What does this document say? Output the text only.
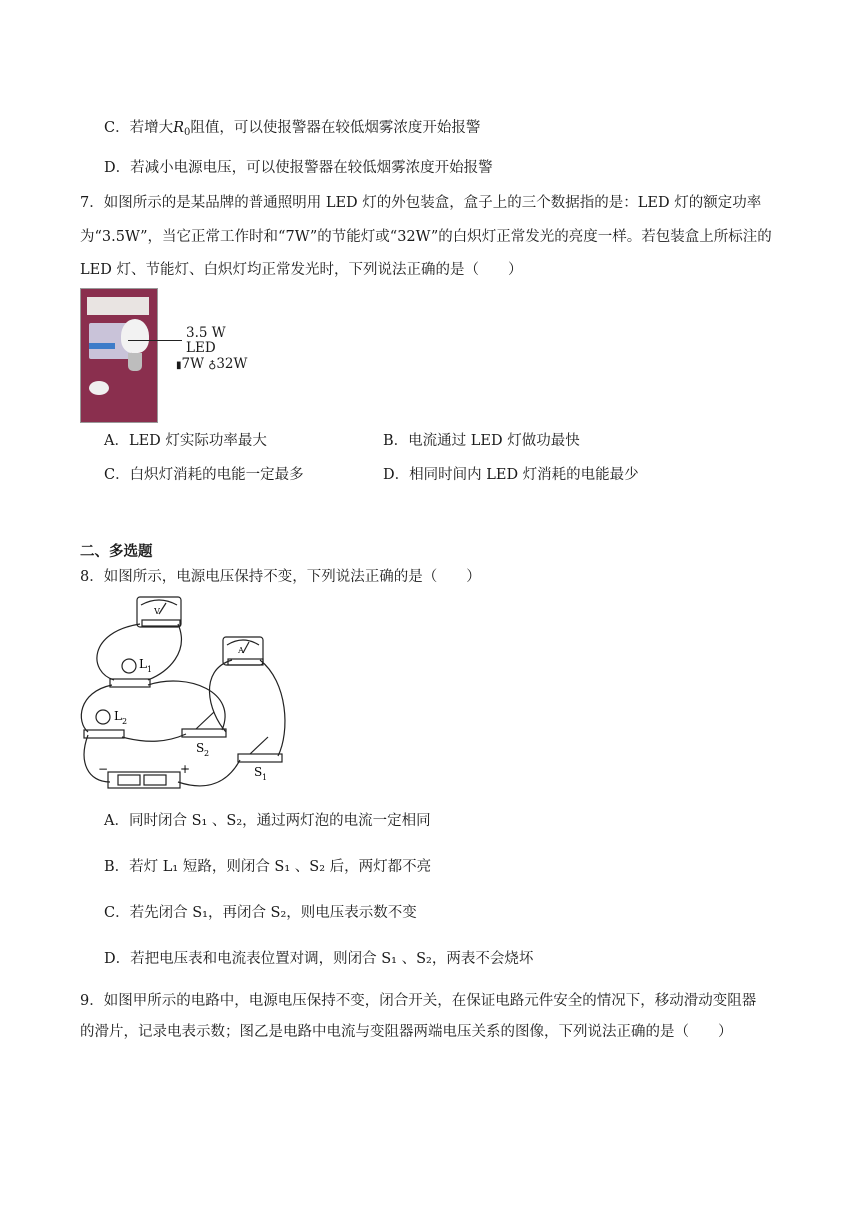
C．若增大$R_0$阻值，可以使报警器在较低烟雾浓度开始报警
D．若减小电源电压，可以使报警器在较低烟雾浓度开始报警
7．如图所示的是某品牌的普通照明用 LED 灯的外包装盒，盒子上的三个数据指的是：LED 灯的额定功率
为“3.5W”，当它正常工作时和“7W”的节能灯或“32W”的白炽灯正常发光的亮度一样。若包装盒上所标注的
LED 灯、节能灯、白炽灯均正常发光时，下列说法正确的是（　　）
3.5 W
LED
▮7W ♁32W
A．LED 灯实际功率最大	B．电流通过 LED 灯做功最快
C．白炽灯消耗的电能一定最多	D．相同时间内 LED 灯消耗的电能最少
二、多选题
8．如图所示，电源电压保持不变，下列说法正确的是（　　）
V
A
L 1
L 2
S 2
S 1
−	+
A．同时闭合 S₁ 、S₂，通过两灯泡的电流一定相同
B．若灯 L₁ 短路，则闭合 S₁ 、S₂ 后，两灯都不亮
C．若先闭合 S₁，再闭合 S₂，则电压表示数不变
D．若把电压表和电流表位置对调，则闭合 S₁ 、S₂，两表不会烧坏
9．如图甲所示的电路中，电源电压保持不变，闭合开关，在保证电路元件安全的情况下，移动滑动变阻器
的滑片，记录电表示数；图乙是电路中电流与变阻器两端电压关系的图像，下列说法正确的是（　　）
